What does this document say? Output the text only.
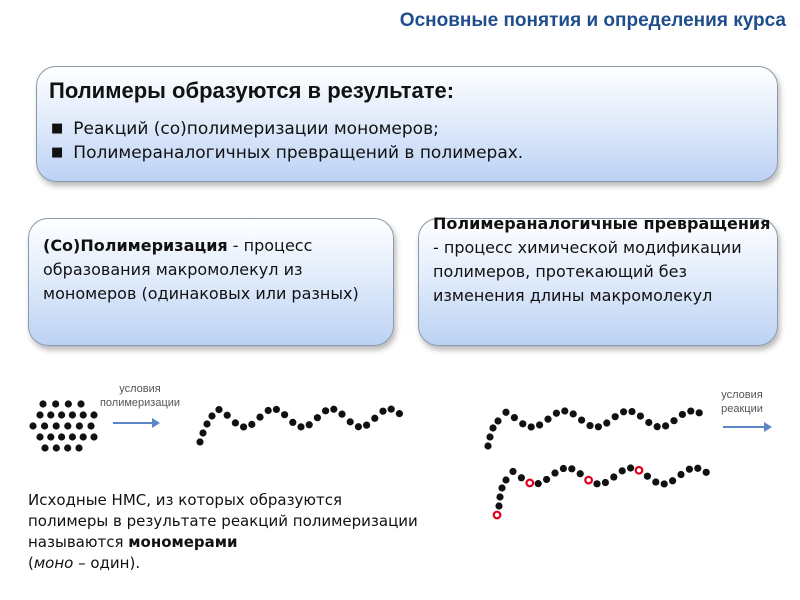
Основные понятия и определения курса
Полимеры образуются в результате:
■ Реакций (со)полимеризации мономеров;
■ Полимераналогичных превращений в полимерах.
(Со)Полимеризация - процесс образования макромолекул из мономеров (одинаковых или разных)
Полимераналогичные превращения - процесс химической модификации полимеров, протекающий без изменения длины макромолекул
условия
полимеризации
условия
реакции
Исходные НМС, из которых образуются полимеры в результате реакций полимеризации называются мономерами
(моно – один).
